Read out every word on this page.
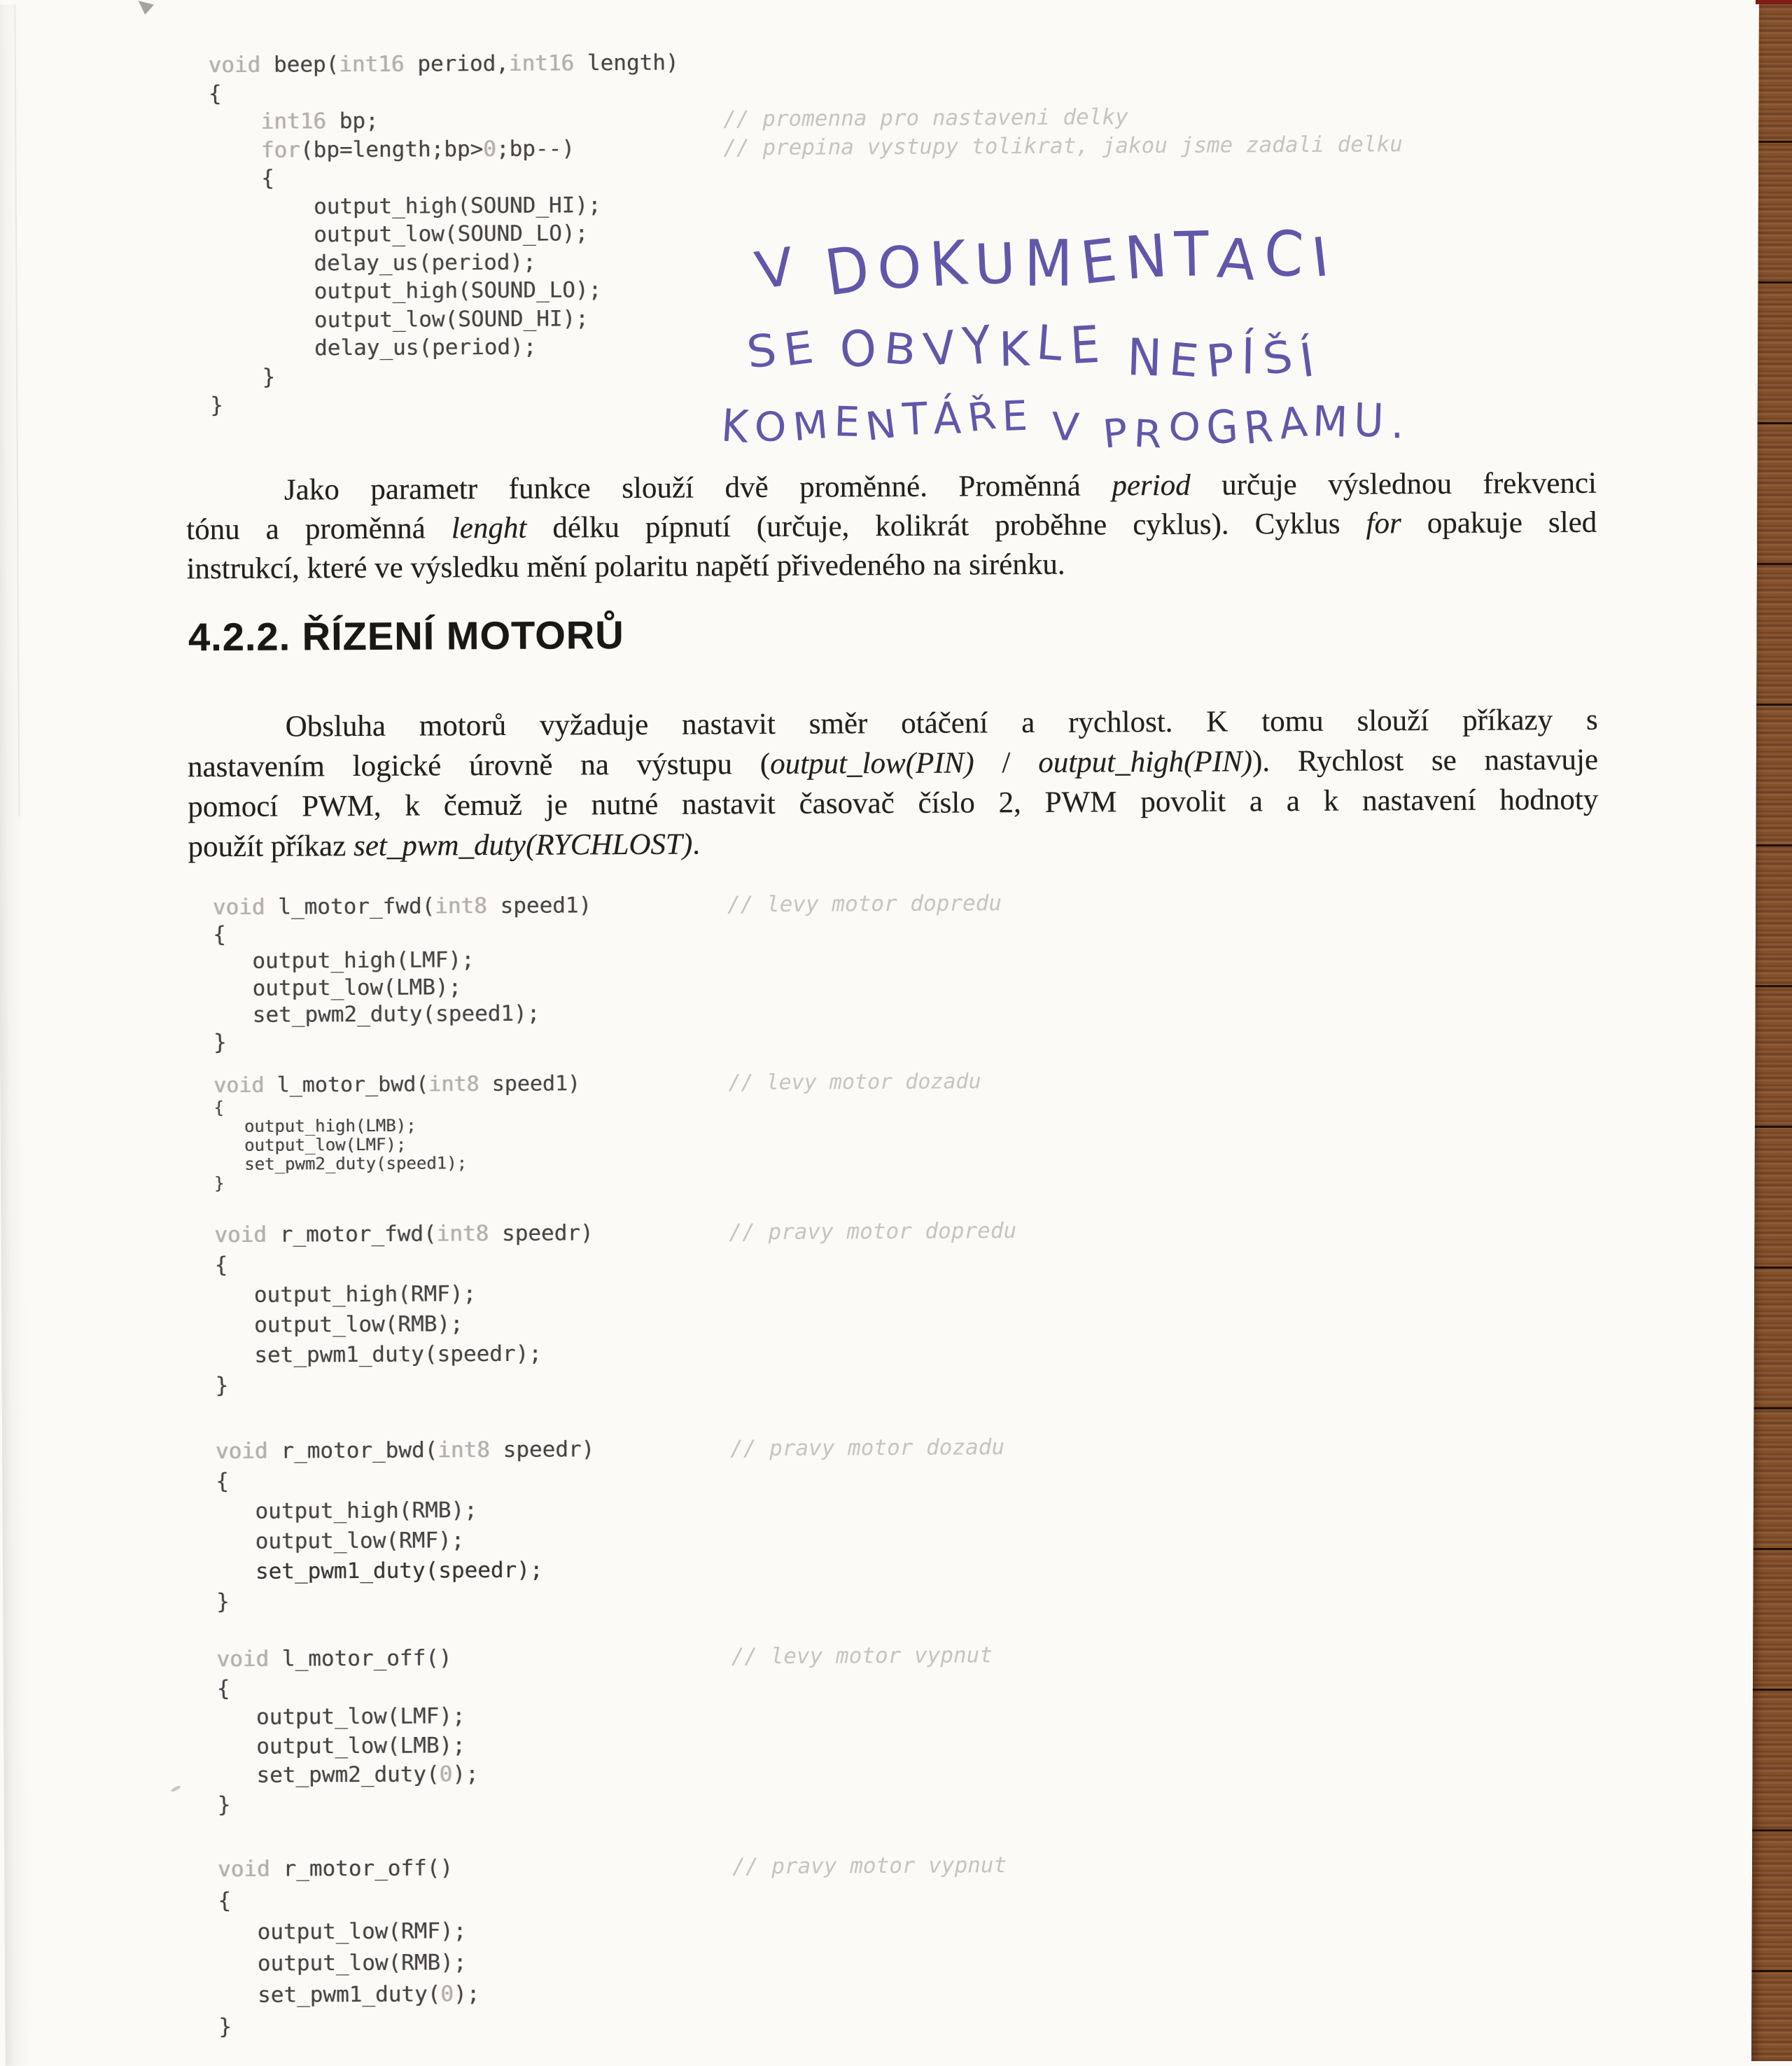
void beep(int16 period,int16 length)
{
int16 bp;	// promenna pro nastaveni delky
for(bp=length;bp>0;bp--)	// prepina vystupy tolikrat, jakou jsme zadali delku
{
output_high(SOUND_HI);
output_low(SOUND_LO);
delay_us(period);
output_high(SOUND_LO);
output_low(SOUND_HI);
delay_us(period);
}
}
V DOKUMENTACI
SE OBVYKLE NEPÍŠÍ
KOMENTÁŘE V PROGRAMU.
Jako parametr funkce slouží dvě proměnné. Proměnná period určuje výslednou frekvenci
tónu a proměnná lenght délku pípnutí (určuje, kolikrát proběhne cyklus). Cyklus for opakuje sled
instrukcí, které ve výsledku mění polaritu napětí přivedeného na sirénku.
4.2.2. ŘÍZENÍ MOTORŮ
Obsluha motorů vyžaduje nastavit směr otáčení a rychlost. K tomu slouží příkazy s
nastavením logické úrovně na výstupu (output_low(PIN) / output_high(PIN)). Rychlost se nastavuje
pomocí PWM, k čemuž je nutné nastavit časovač číslo 2, PWM povolit a a k nastavení hodnoty
použít příkaz set_pwm_duty(RYCHLOST).
void l_motor_fwd(int8 speed1)	// levy motor dopredu
{
output_high(LMF);
output_low(LMB);
set_pwm2_duty(speed1);
}
void l_motor_bwd(int8 speed1)	// levy motor dozadu
{
output_high(LMB);
output_low(LMF);
set_pwm2_duty(speed1);
}
void r_motor_fwd(int8 speedr)	// pravy motor dopredu
{
output_high(RMF);
output_low(RMB);
set_pwm1_duty(speedr);
}
void r_motor_bwd(int8 speedr)	// pravy motor dozadu
{
output_high(RMB);
output_low(RMF);
set_pwm1_duty(speedr);
}
void l_motor_off()	// levy motor vypnut
{
output_low(LMF);
output_low(LMB);
set_pwm2_duty(0);
}
void r_motor_off()	// pravy motor vypnut
{
output_low(RMF);
output_low(RMB);
set_pwm1_duty(0);
}
